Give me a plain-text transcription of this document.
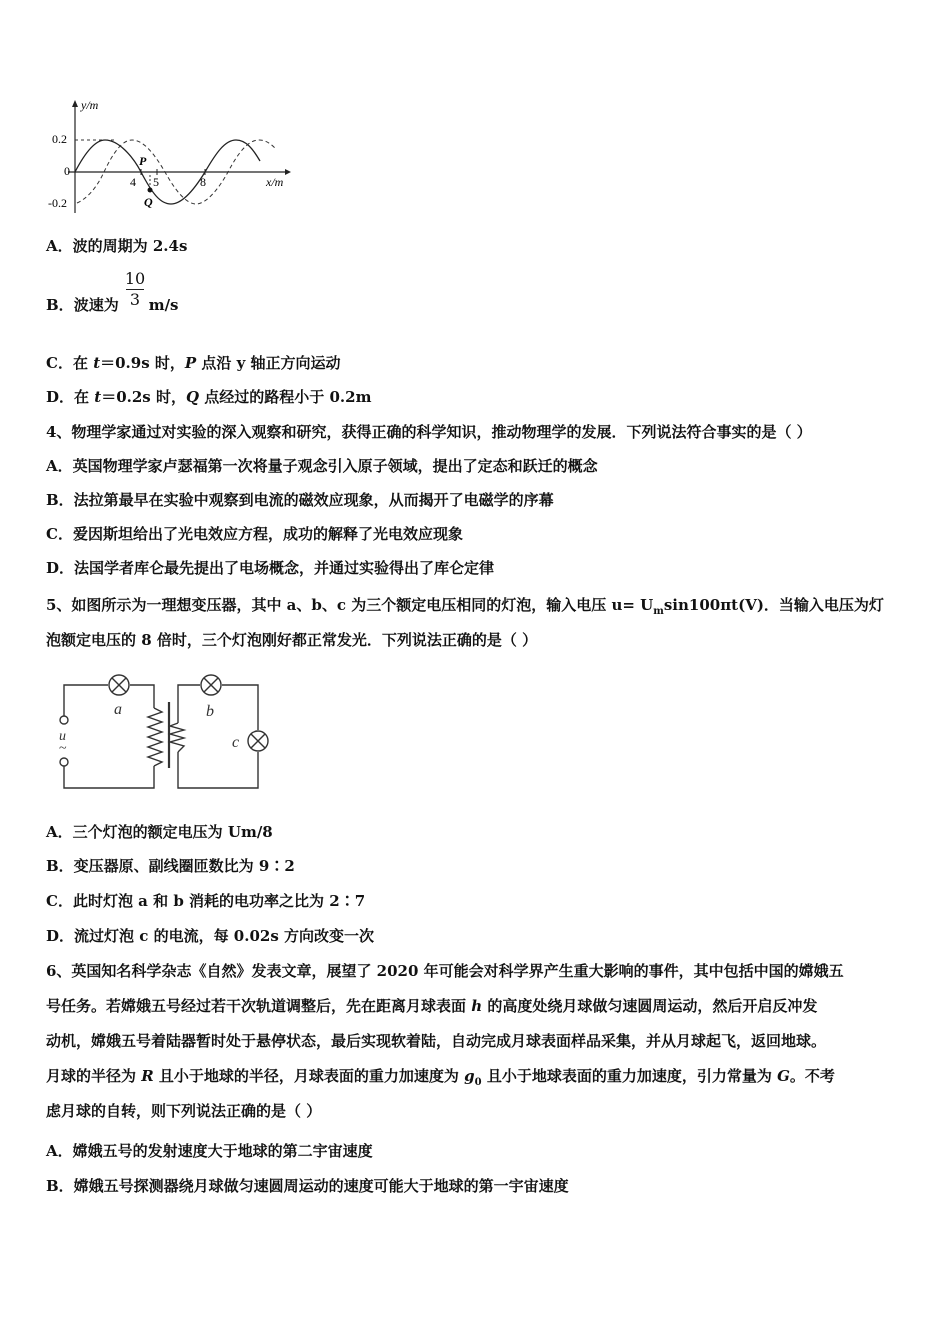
y/m
x/m
0.2
0
-0.2
4 5	8
P
Q
A．波的周期为 2.4s
B．波速为 m/s
10
3
C．在 t＝0.9s 时，P 点沿 y 轴正方向运动
D．在 t＝0.2s 时，Q 点经过的路程小于 0.2m
4、物理学家通过对实验的深入观察和研究，获得正确的科学知识，推动物理学的发展．下列说法符合事实的是（ ）
A．英国物理学家卢瑟福第一次将量子观念引入原子领域，提出了定态和跃迁的概念
B．法拉第最早在实验中观察到电流的磁效应现象，从而揭开了电磁学的序幕
C．爱因斯坦给出了光电效应方程，成功的解释了光电效应现象
D．法国学者库仑最先提出了电场概念，并通过实验得出了库仑定律
5、如图所示为一理想变压器，其中 a、b、c 为三个额定电压相同的灯泡，输入电压 $u= U_m\sin 100\pi t(V)$．当输入电压为灯
泡额定电压的 8 倍时，三个灯泡刚好都正常发光．下列说法正确的是（ ）
a	b
c
u
~
A．三个灯泡的额定电压为 Um/8
B．变压器原、副线圈匝数比为 9∶2
C．此时灯泡 a 和 b 消耗的电功率之比为 2∶7
D．流过灯泡 c 的电流，每 0.02s 方向改变一次
6、英国知名科学杂志《自然》发表文章，展望了 2020 年可能会对科学界产生重大影响的事件，其中包括中国的嫦娥五
号任务。若嫦娥五号经过若干次轨道调整后，先在距离月球表面 h 的高度处绕月球做匀速圆周运动，然后开启反冲发
动机，嫦娥五号着陆器暂时处于悬停状态，最后实现软着陆，自动完成月球表面样品采集，并从月球起飞，返回地球。
月球的半径为 R 且小于地球的半径，月球表面的重力加速度为 $g_0$ 且小于地球表面的重力加速度，引力常量为 G。不考
虑月球的自转，则下列说法正确的是（ ）
A．嫦娥五号的发射速度大于地球的第二宇宙速度
B．嫦娥五号探测器绕月球做匀速圆周运动的速度可能大于地球的第一宇宙速度
